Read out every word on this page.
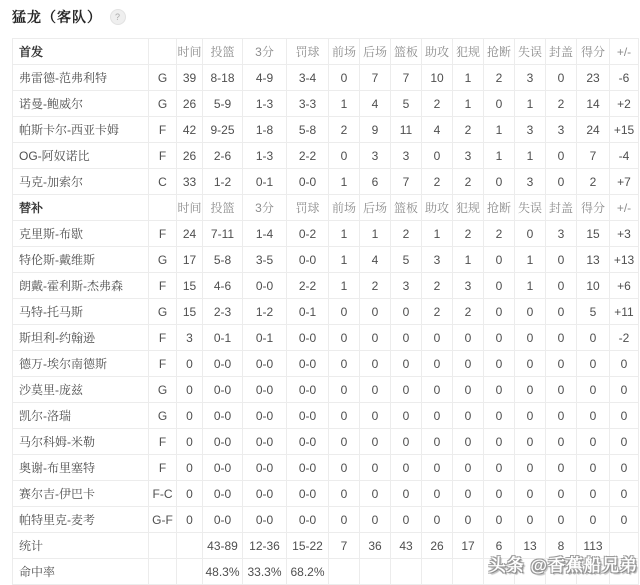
猛龙（客队） ?
首发		时间	投篮	3分	罚球	前场	后场	篮板	助攻	犯规	抢断	失误	封盖	得分	+/-
弗雷德-范弗利特	G	39	8-18	4-9	3-4	0	7	7	10	1	2	3	0	23	-6
诺曼-鲍威尔	G	26	5-9	1-3	3-3	1	4	5	2	1	0	1	2	14	+2
帕斯卡尔-西亚卡姆	F	42	9-25	1-8	5-8	2	9	11	4	2	1	3	3	24	+15
OG-阿奴诺比	F	26	2-6	1-3	2-2	0	3	3	0	3	1	1	0	7	-4
马克-加索尔	C	33	1-2	0-1	0-0	1	6	7	2	2	0	3	0	2	+7
替补		时间	投篮	3分	罚球	前场	后场	篮板	助攻	犯规	抢断	失误	封盖	得分	+/-
克里斯-布歇	F	24	7-11	1-4	0-2	1	1	2	1	2	2	0	3	15	+3
特伦斯-戴维斯	G	17	5-8	3-5	0-0	1	4	5	3	1	0	1	0	13	+13
朗戴-霍利斯-杰弗森	F	15	4-6	0-0	2-2	1	2	3	2	3	0	1	0	10	+6
马特-托马斯	G	15	2-3	1-2	0-1	0	0	0	2	2	0	0	0	5	+11
斯坦利-约翰逊	F	3	0-1	0-1	0-0	0	0	0	0	0	0	0	0	0	-2
德万-埃尔南德斯	F	0	0-0	0-0	0-0	0	0	0	0	0	0	0	0	0	0
沙莫里-庞兹	G	0	0-0	0-0	0-0	0	0	0	0	0	0	0	0	0	0
凯尔-洛瑞	G	0	0-0	0-0	0-0	0	0	0	0	0	0	0	0	0	0
马尔科姆-米勒	F	0	0-0	0-0	0-0	0	0	0	0	0	0	0	0	0	0
奥谢-布里塞特	F	0	0-0	0-0	0-0	0	0	0	0	0	0	0	0	0	0
赛尔吉-伊巴卡	F-C	0	0-0	0-0	0-0	0	0	0	0	0	0	0	0	0	0
帕特里克-麦考	G-F	0	0-0	0-0	0-0	0	0	0	0	0	0	0	0	0	0
统计			43-89	12-36	15-22	7	36	43	26	17	6	13	8	113	
命中率			48.3%	33.3%	68.2%											头条 @香蕉船兄弟
